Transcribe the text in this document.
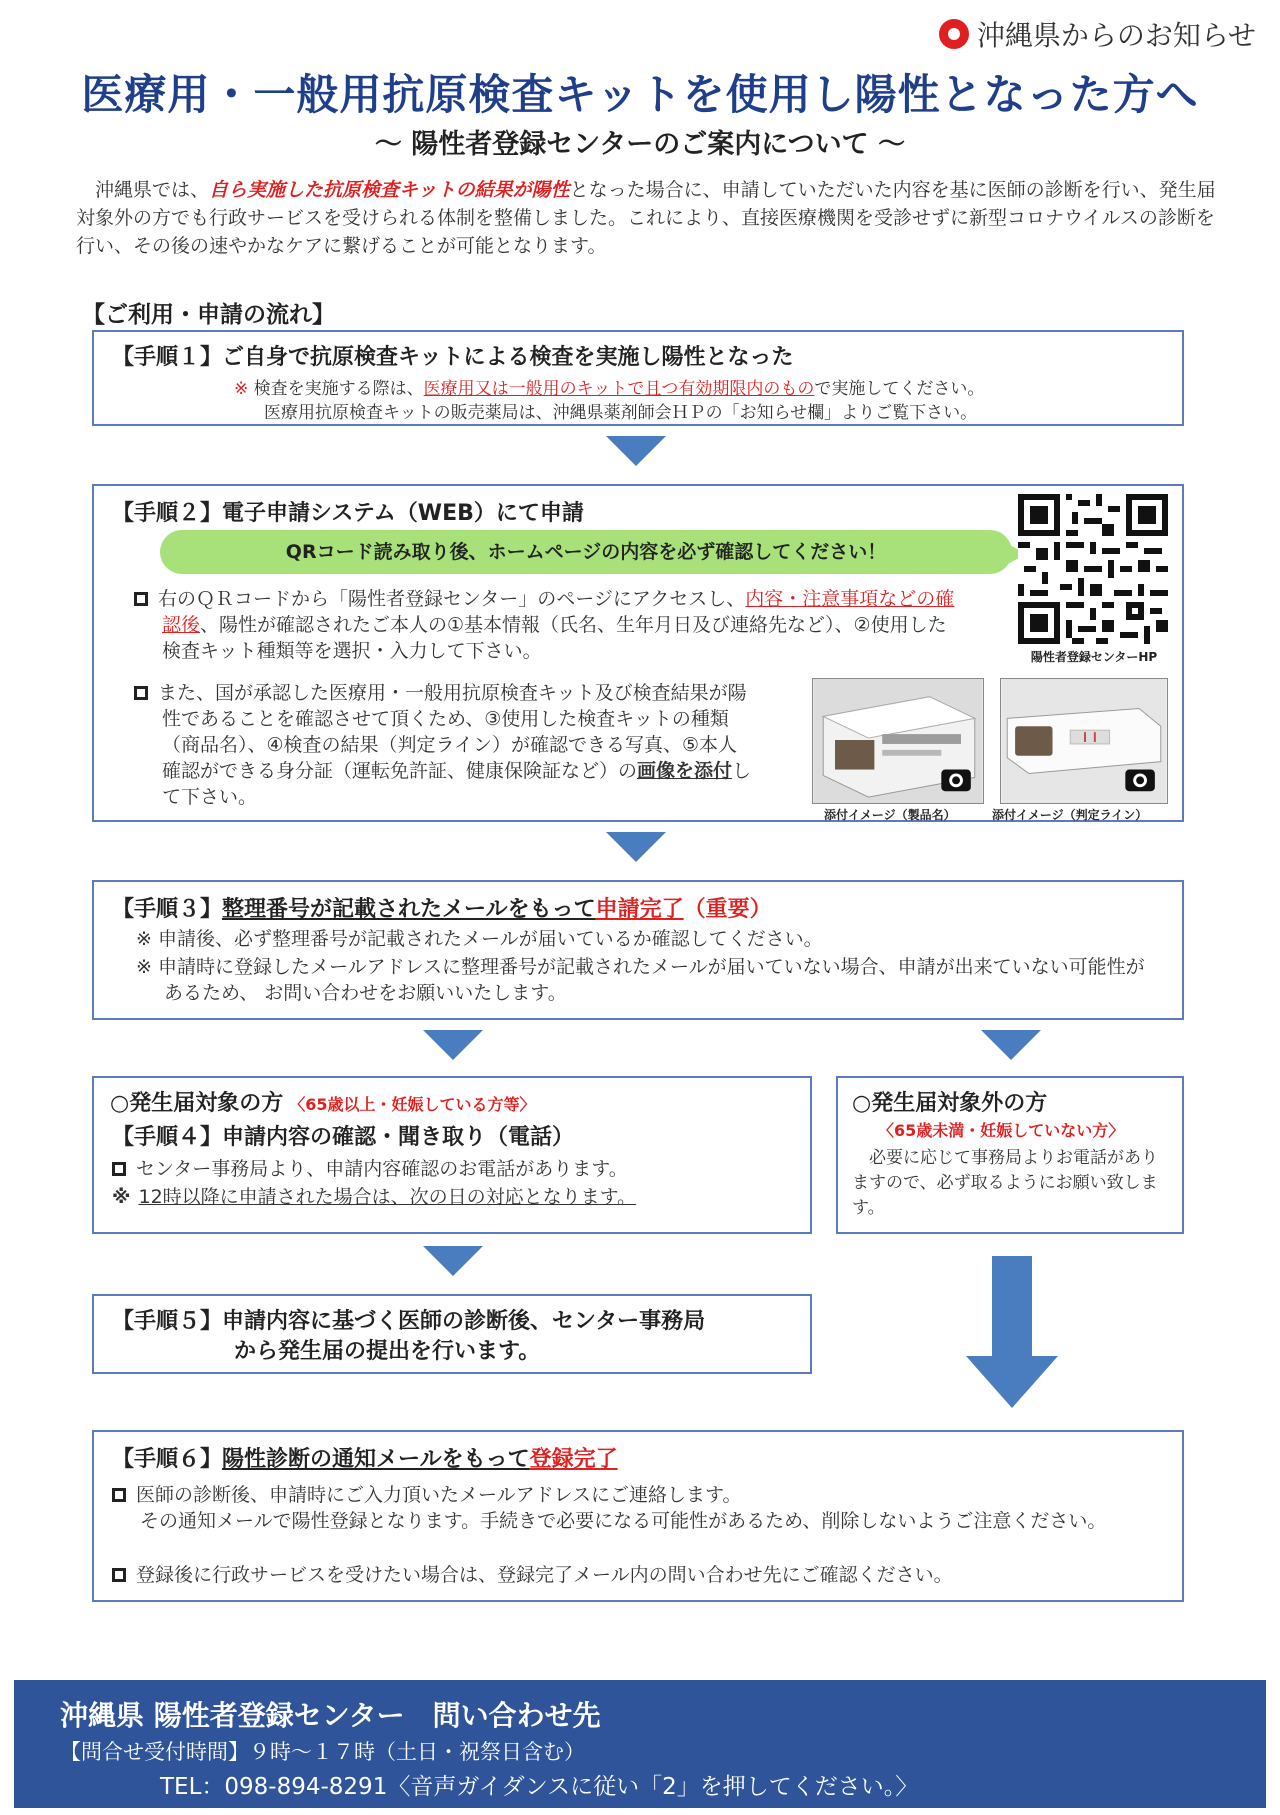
沖縄県からのお知らせ
医療用・一般用抗原検査キットを使用し陽性となった方へ
～ 陽性者登録センターのご案内について ～
沖縄県では、自ら実施した抗原検査キットの結果が陽性となった場合に、申請していただいた内容を基に医師の診断を行い、発生届対象外の方でも行政サービスを受けられる体制を整備しました。これにより、直接医療機関を受診せずに新型コロナウイルスの診断を行い、その後の速やかなケアに繋げることが可能となります。
【ご利用・申請の流れ】
【手順１】ご自身で抗原検査キットによる検査を実施し陽性となった
※ 検査を実施する際は、医療用又は一般用のキットで且つ有効期限内のもので実施してください。
医療用抗原検査キットの販売薬局は、沖縄県薬剤師会ＨＰの「お知らせ欄」よりご覧下さい。
【手順２】電子申請システム（WEB）にて申請
QRコード読み取り後、ホームページの内容を必ず確認してください！
陽性者登録センターHP
右のＱＲコードから「陽性者登録センター」のページにアクセスし、内容・注意事項などの確認後、陽性が確認されたご本人の①基本情報（氏名、生年月日及び連絡先など）、②使用した検査キット種類等を選択・入力して下さい。
また、国が承認した医療用・一般用抗原検査キット及び検査結果が陽性であることを確認させて頂くため、③使用した検査キットの種類（商品名）、④検査の結果（判定ライン）が確認できる写真、⑤本人確認ができる身分証（運転免許証、健康保険証など）の画像を添付して下さい。
添付イメージ（製品名）	添付イメージ（判定ライン）
【手順３】整理番号が記載されたメールをもって申請完了（重要）
※ 申請後、必ず整理番号が記載されたメールが届いているか確認してください。
※ 申請時に登録したメールアドレスに整理番号が記載されたメールが届いていない場合、申請が出来ていない可能性があるため、 お問い合わせをお願いいたします。
○発生届対象の方 〈65歳以上・妊娠している方等〉
【手順４】申請内容の確認・聞き取り（電話）
センター事務局より、申請内容確認のお電話があります。
※ 12時以降に申請された場合は、次の日の対応となります。
○発生届対象外の方
〈65歳未満・妊娠していない方〉
必要に応じて事務局よりお電話がありますので、必ず取るようにお願い致します。
【手順５】申請内容に基づく医師の診断後、センター事務局
から発生届の提出を行います。
【手順６】陽性診断の通知メールをもって登録完了
医師の診断後、申請時にご入力頂いたメールアドレスにご連絡します。
その通知メールで陽性登録となります。手続きで必要になる可能性があるため、削除しないようご注意ください。
登録後に行政サービスを受けたい場合は、登録完了メール内の問い合わせ先にご確認ください。
沖縄県 陽性者登録センター　問い合わせ先
【問合せ受付時間】９時～１７時（土日・祝祭日含む）
TEL：098-894-8291〈音声ガイダンスに従い「2」を押してください。〉
